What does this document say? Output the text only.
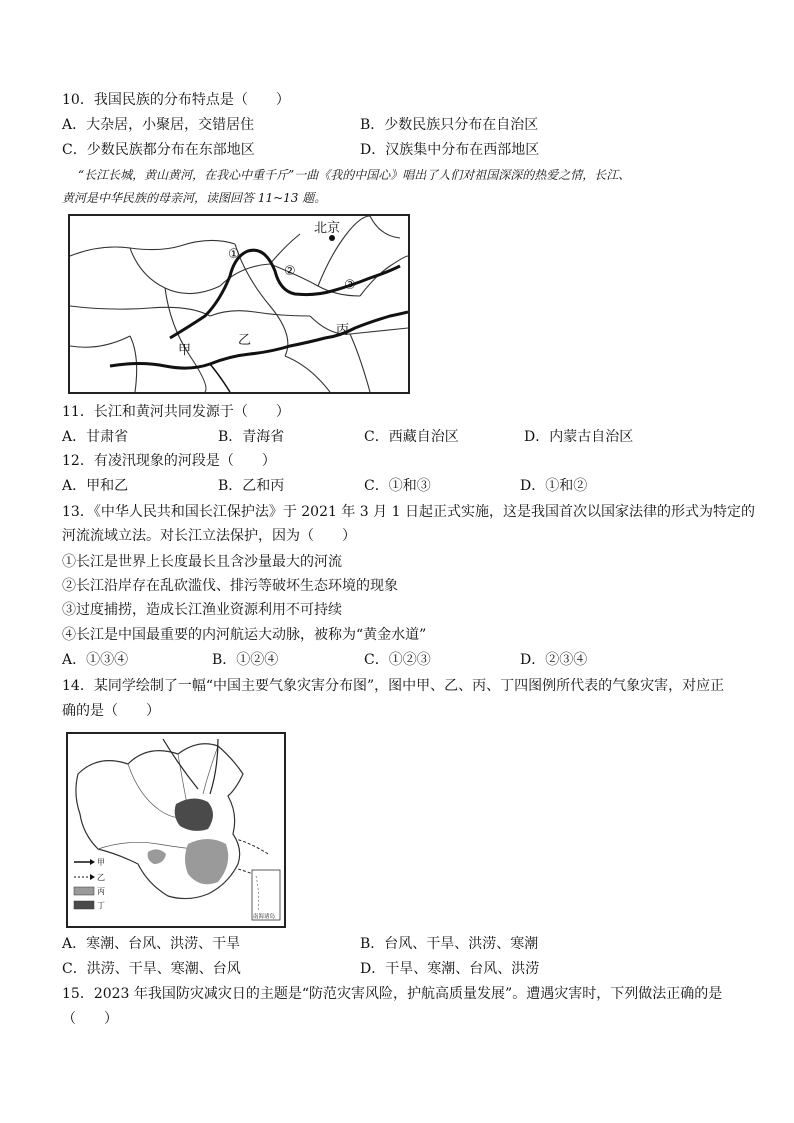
10．我国民族的分布特点是（　　）
A．大杂居，小聚居，交错居住	B．少数民族只分布在自治区
C．少数民族都分布在东部地区	D．汉族集中分布在西部地区
“长江长城，黄山黄河，在我心中重千斤”一曲《我的中国心》唱出了人们对祖国深深的热爱之情，长江、
黄河是中华民族的母亲河，读图回答 11~13 题。
北京
①
②
③
甲
乙
丙
11．长江和黄河共同发源于（　　）
A．甘肃省	B．青海省	C．西藏自治区	D．内蒙古自治区
12．有凌汛现象的河段是（　　）
A．甲和乙	B．乙和丙	C．①和③	D．①和②
13．《中华人民共和国长江保护法》于 2021 年 3 月 1 日起正式实施，这是我国首次以国家法律的形式为特定的
河流流域立法。对长江立法保护，因为（　　）
①长江是世界上长度最长且含沙量最大的河流
②长江沿岸存在乱砍滥伐、排污等破坏生态环境的现象
③过度捕捞，造成长江渔业资源利用不可持续
④长江是中国最重要的内河航运大动脉，被称为“黄金水道”
A．①③④	B．①②④	C．①②③	D．②③④
14．某同学绘制了一幅“中国主要气象灾害分布图”，图中甲、乙、丙、丁四图例所代表的气象灾害，对应正
确的是（　　）
甲
乙
丙
丁
南海诸岛
A．寒潮、台风、洪涝、干旱	B．台风、干旱、洪涝、寒潮
C．洪涝、干旱、寒潮、台风	D．干旱、寒潮、台风、洪涝
15．2023 年我国防灾减灾日的主题是“防范灾害风险，护航高质量发展”。遭遇灾害时，下列做法正确的是
（　　）
